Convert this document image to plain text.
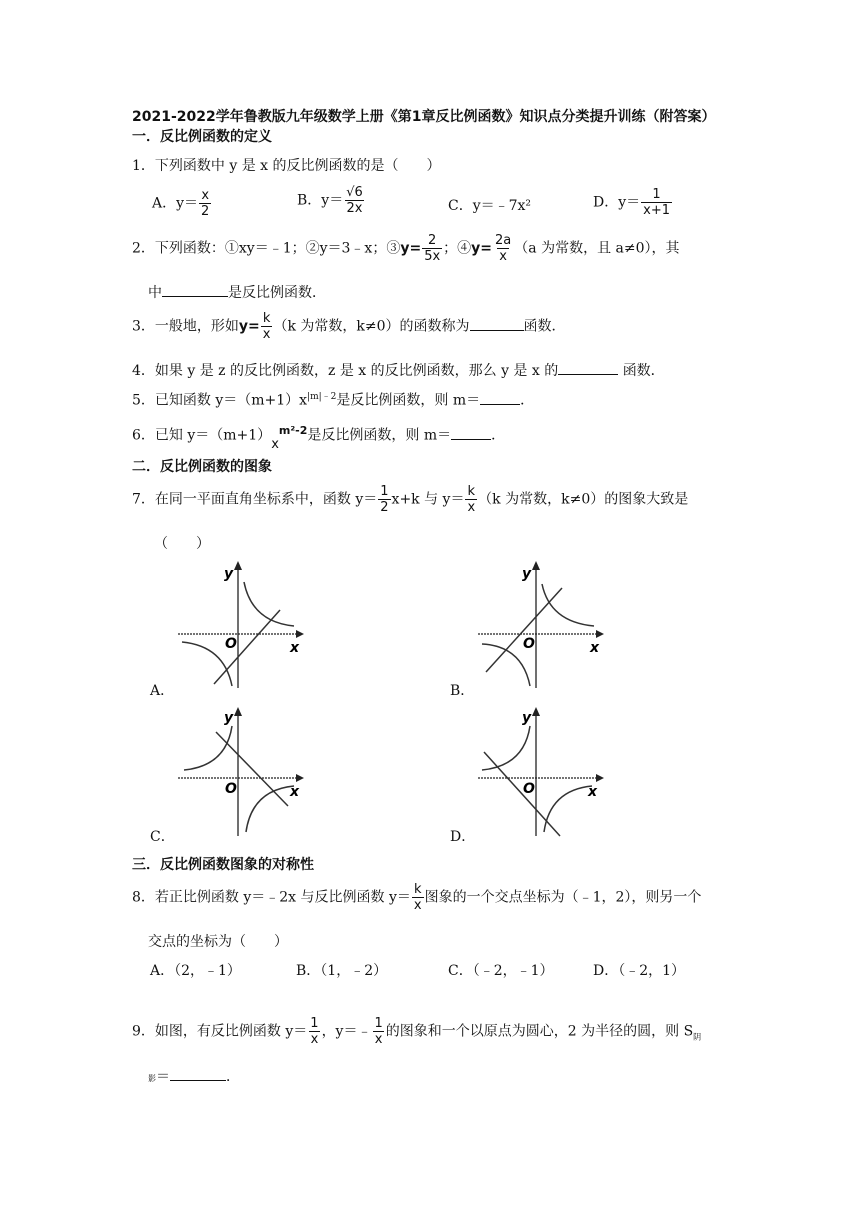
2021-2022学年鲁教版九年级数学上册《第1章反比例函数》知识点分类提升训练（附答案）
一．反比例函数的定义
1．下列函数中 y 是 x 的反比例函数的是（　　）
A．$y= \frac{x}{2}$	B．$y= \frac{√6}{2x}$	C．y＝﹣7x²	D．$y= \frac{1}{x+1}$
2．下列函数：①xy＝﹣1；②y＝3﹣x；③y= $\frac{2}{5x}$ ；④y= $\frac{2a}{x} (a$ 为常数，且 a≠0），其
中	是反比例函数．
3．一般地，形如$y= \frac{k}{x} (k$ 为常数，k≠0）的函数称为	函数．
4．如果 y 是 z 的反比例函数，z 是 x 的反比例函数，那么 y 是 x 的	函数．
5．已知函数 $y=(m+1)x^{|m|﹣2}$是反比例函数，则 m＝	．
6．已知 $y=(m+1)x^{m^2-2}$是反比例函数，则 m＝	．
二．反比例函数的图象
7．在同一平面直角坐标系中，函数 $y= \frac{1}{2} x+k$ 与 $y= \frac{k}{x} (k$ 为常数，k≠0）的图象大致是
（　　）
y
x
O
A．
y
x
O
B．
y
x
O
C．
y
x
O
D．
三．反比例函数图象的对称性
8．若正比例函数 y＝﹣2x 与反比例函数 $y= \frac{k}{x}$ 图象的一个交点坐标为（﹣1，2），则另一个
交点的坐标为（　　）
A．（2，﹣1）	B．（1，﹣2）	C．（﹣2，﹣1）	D．（﹣2，1）
9．如图，有反比例函数 $y= \frac{1}{x}$ ，y＝﹣ $\frac{1}{x}$ 的图象和一个以原点为圆心，2 为半径的圆，则 $S_阴$
影＝	．
